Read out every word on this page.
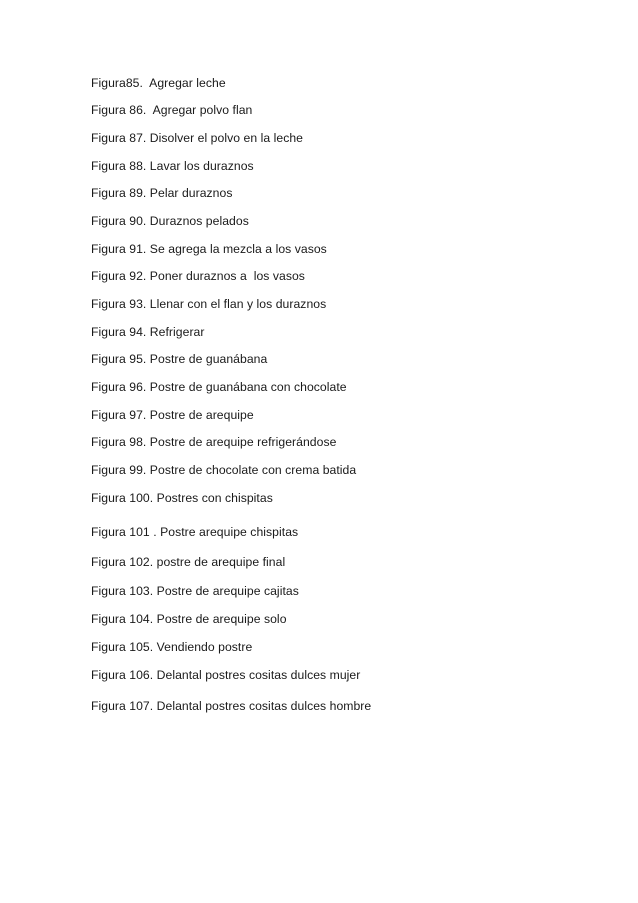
Figura85.  Agregar leche
Figura 86.  Agregar polvo flan
Figura 87. Disolver el polvo en la leche
Figura 88. Lavar los duraznos
Figura 89. Pelar duraznos
Figura 90. Duraznos pelados
Figura 91. Se agrega la mezcla a los vasos
Figura 92. Poner duraznos a  los vasos
Figura 93. Llenar con el flan y los duraznos
Figura 94. Refrigerar
Figura 95. Postre de guanábana
Figura 96. Postre de guanábana con chocolate
Figura 97. Postre de arequipe
Figura 98. Postre de arequipe refrigerándose
Figura 99. Postre de chocolate con crema batida
Figura 100. Postres con chispitas
Figura 101 . Postre arequipe chispitas
Figura 102. postre de arequipe final
Figura 103. Postre de arequipe cajitas
Figura 104. Postre de arequipe solo
Figura 105. Vendiendo postre
Figura 106. Delantal postres cositas dulces mujer
Figura 107. Delantal postres cositas dulces hombre
